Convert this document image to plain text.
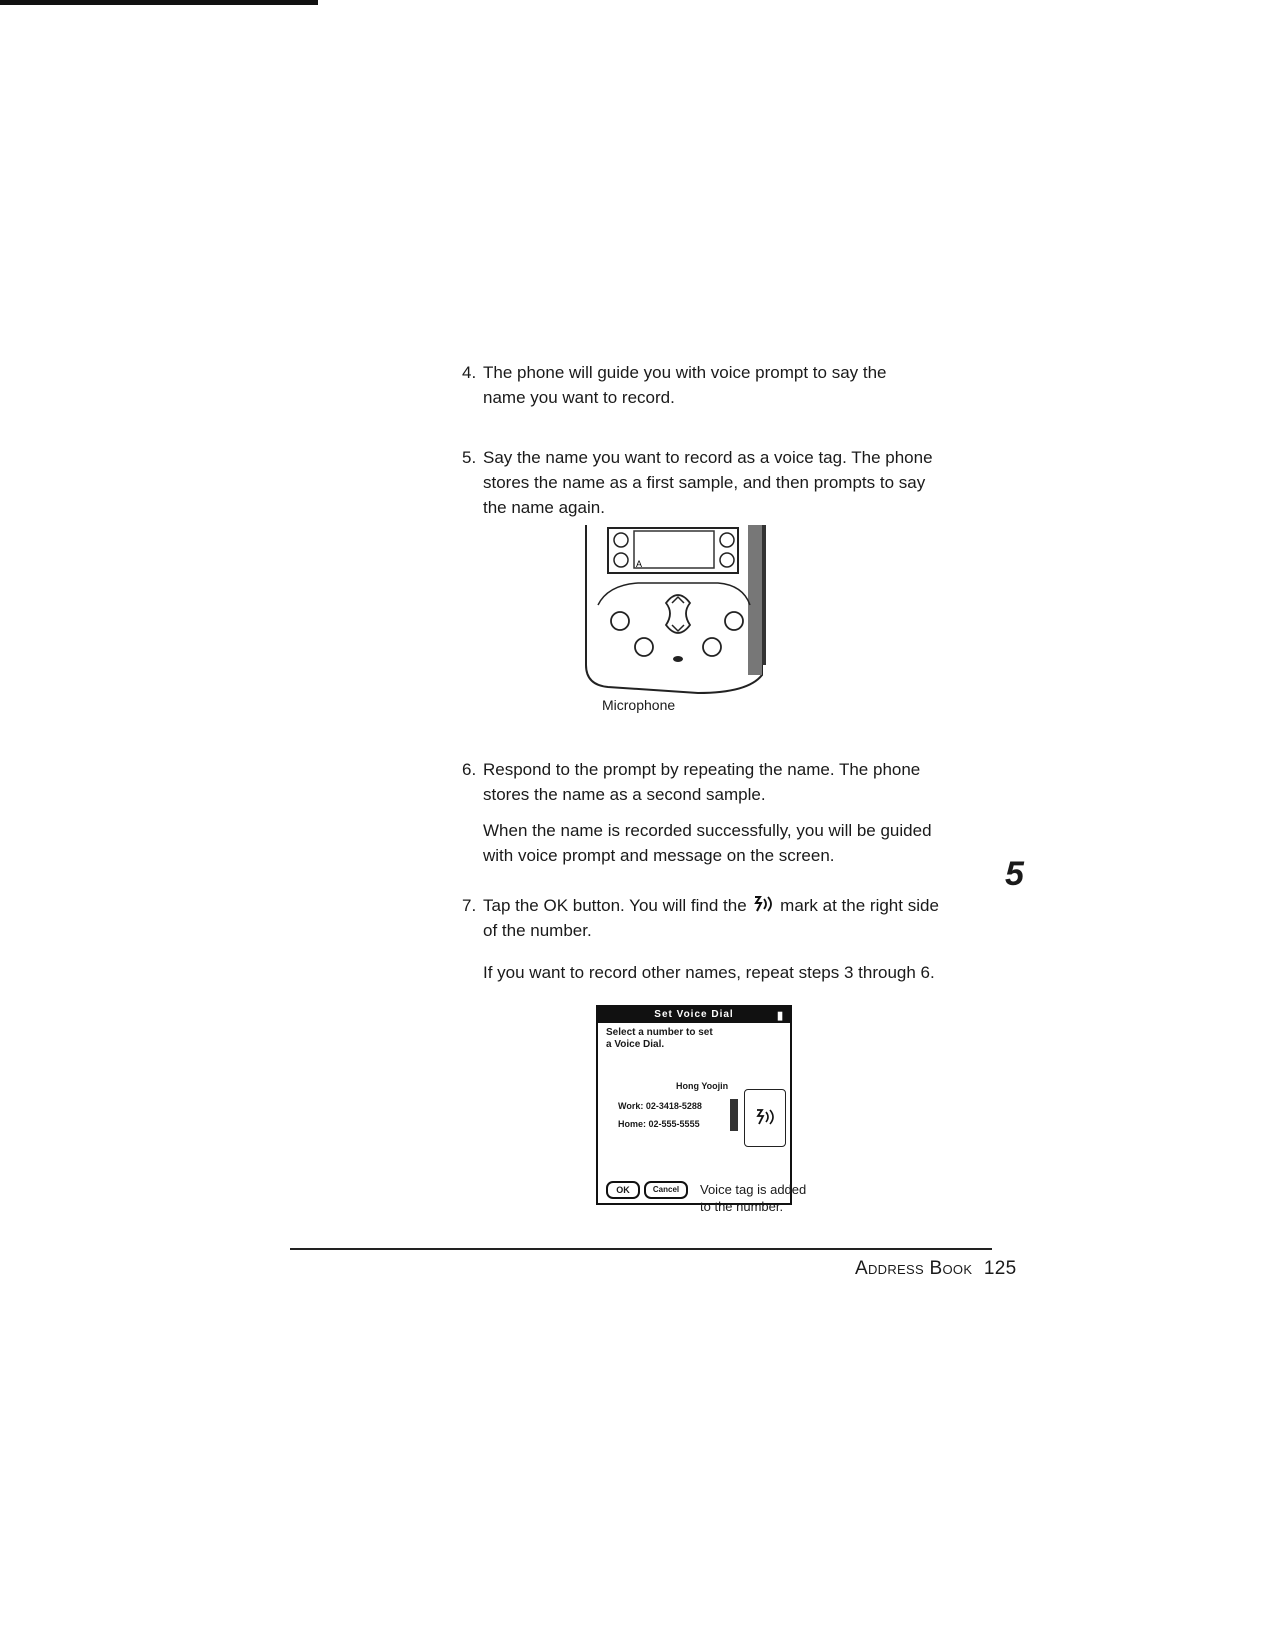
4. The phone will guide you with voice prompt to say the name you want to record.
5. Say the name you want to record as a voice tag. The phone stores the name as a first sample, and then prompts to say the name again.
A
Microphone
6. Respond to the prompt by repeating the name. The phone stores the name as a second sample.
When the name is recorded successfully, you will be guided with voice prompt and message on the screen.	5
7. Tap the OK button. You will find the mark at the right side of the number.
If you want to record other names, repeat steps 3 through 6.
Set Voice Dial	▮
Select a number to set
a Voice Dial.
Hong Yoojin
Work: 02-3418-5288
Home: 02-555-5555
OK	Cancel	Voice tag is added
to the number.
Address Book 125
